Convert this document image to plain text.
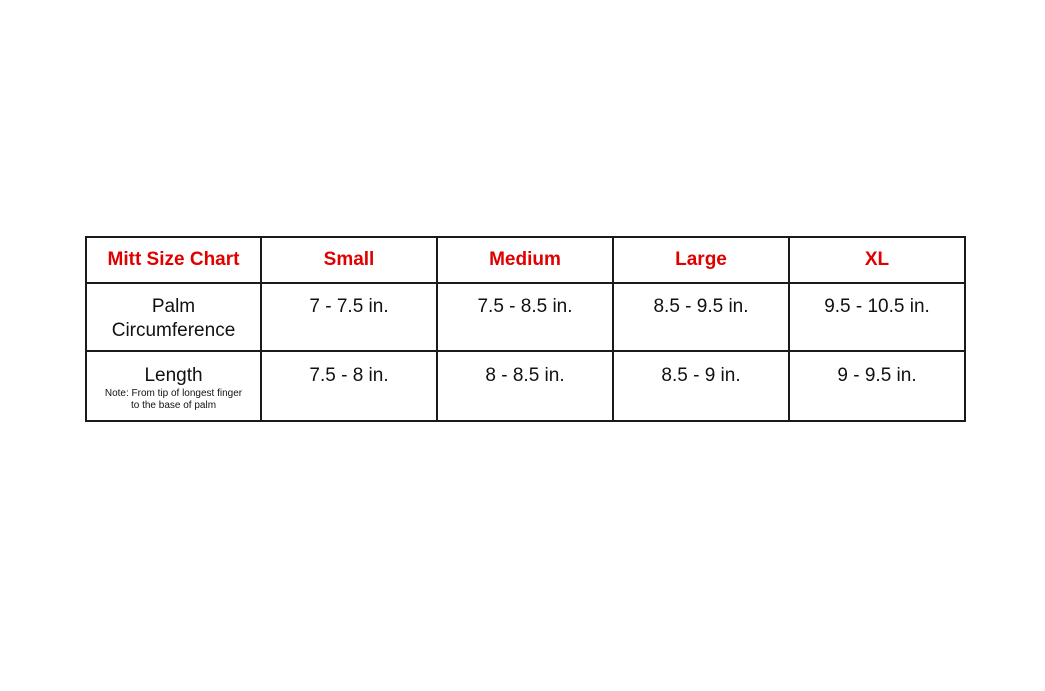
Mitt Size Chart	Small	Medium	Large	XL

Palm
Circumference	7 - 7.5 in.	7.5 - 8.5 in.	8.5 - 9.5 in.	9.5 - 10.5 in.

Length
Note: From tip of longest finger
to the base of palm	7.5 - 8 in.	8 - 8.5 in.	8.5 - 9 in.	9 - 9.5 in.
